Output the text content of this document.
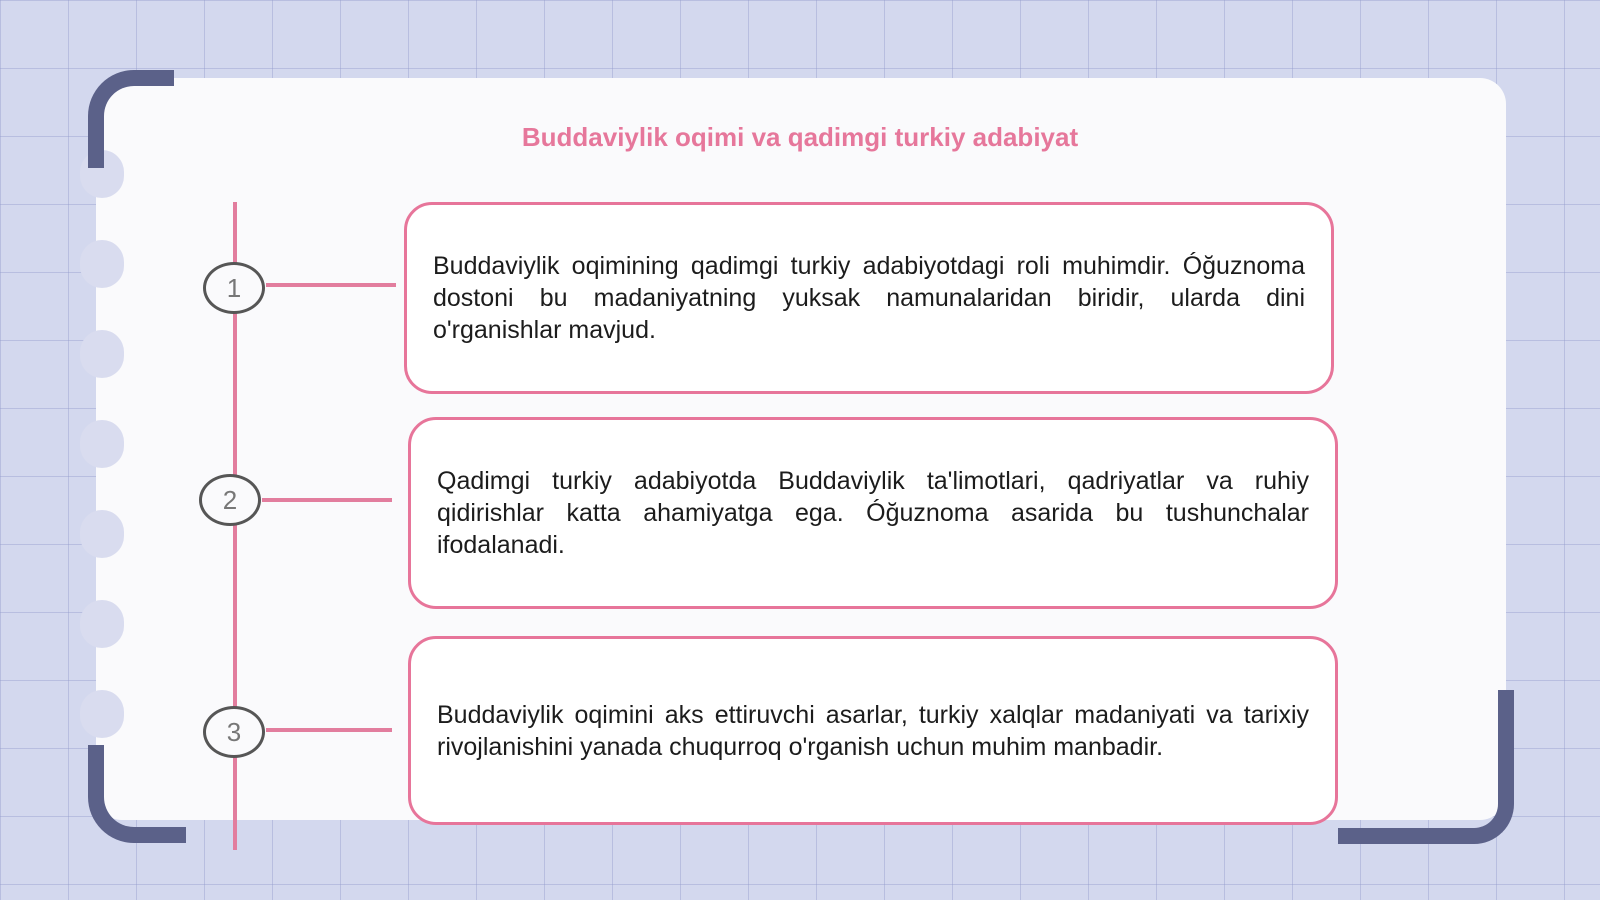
Buddaviylik oqimi va qadimgi turkiy adabiyat
1
2
3

Buddaviylik oqimining qadimgi turkiy adabiyotdagi roli muhimdir. Óğuznoma dostoni bu madaniyatning yuksak namunalaridan biridir, ularda dini o'rganishlar mavjud.

Qadimgi turkiy adabiyotda Buddaviylik ta'limotlari, qadriyatlar va ruhiy qidirishlar katta ahamiyatga ega. Óğuznoma asarida bu tushunchalar ifodalanadi.

Buddaviylik oqimini aks ettiruvchi asarlar, turkiy xalqlar madaniyati va tarixiy rivojlanishini yanada chuqurroq o'rganish uchun muhim manbadir.
